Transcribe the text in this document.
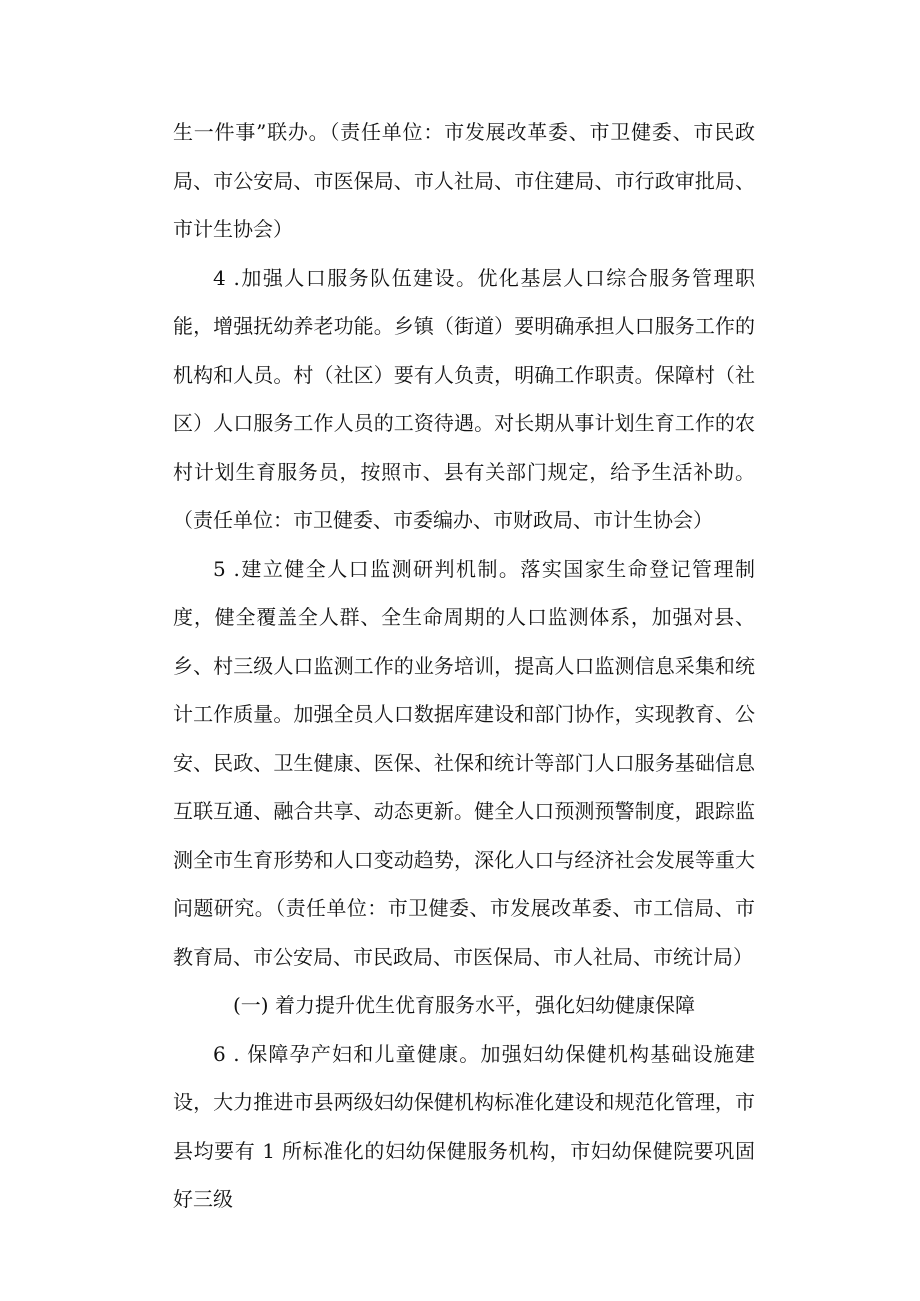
生一件事”联办。（责任单位：市发展改革委、市卫健委、市民政局、市公安局、市医保局、市人社局、市住建局、市行政审批局、市计生协会）

4 .加强人口服务队伍建设。优化基层人口综合服务管理职能，增强抚幼养老功能。乡镇（街道）要明确承担人口服务工作的机构和人员。村（社区）要有人负责，明确工作职责。保障村（社区）人口服务工作人员的工资待遇。对长期从事计划生育工作的农村计划生育服务员，按照市、县有关部门规定，给予生活补助。（责任单位：市卫健委、市委编办、市财政局、市计生协会）

5 .建立健全人口监测研判机制。落实国家生命登记管理制度，健全覆盖全人群、全生命周期的人口监测体系，加强对县、乡、村三级人口监测工作的业务培训，提高人口监测信息采集和统计工作质量。加强全员人口数据库建设和部门协作，实现教育、公安、民政、卫生健康、医保、社保和统计等部门人口服务基础信息互联互通、融合共享、动态更新。健全人口预测预警制度，跟踪监测全市生育形势和人口变动趋势，深化人口与经济社会发展等重大问题研究。（责任单位：市卫健委、市发展改革委、市工信局、市教育局、市公安局、市民政局、市医保局、市人社局、市统计局）

(一) 着力提升优生优育服务水平，强化妇幼健康保障

6 . 保障孕产妇和儿童健康。加强妇幼保健机构基础设施建设，大力推进市县两级妇幼保健机构标准化建设和规范化管理，市县均要有 1 所标准化的妇幼保健服务机构，市妇幼保健院要巩固好三级
